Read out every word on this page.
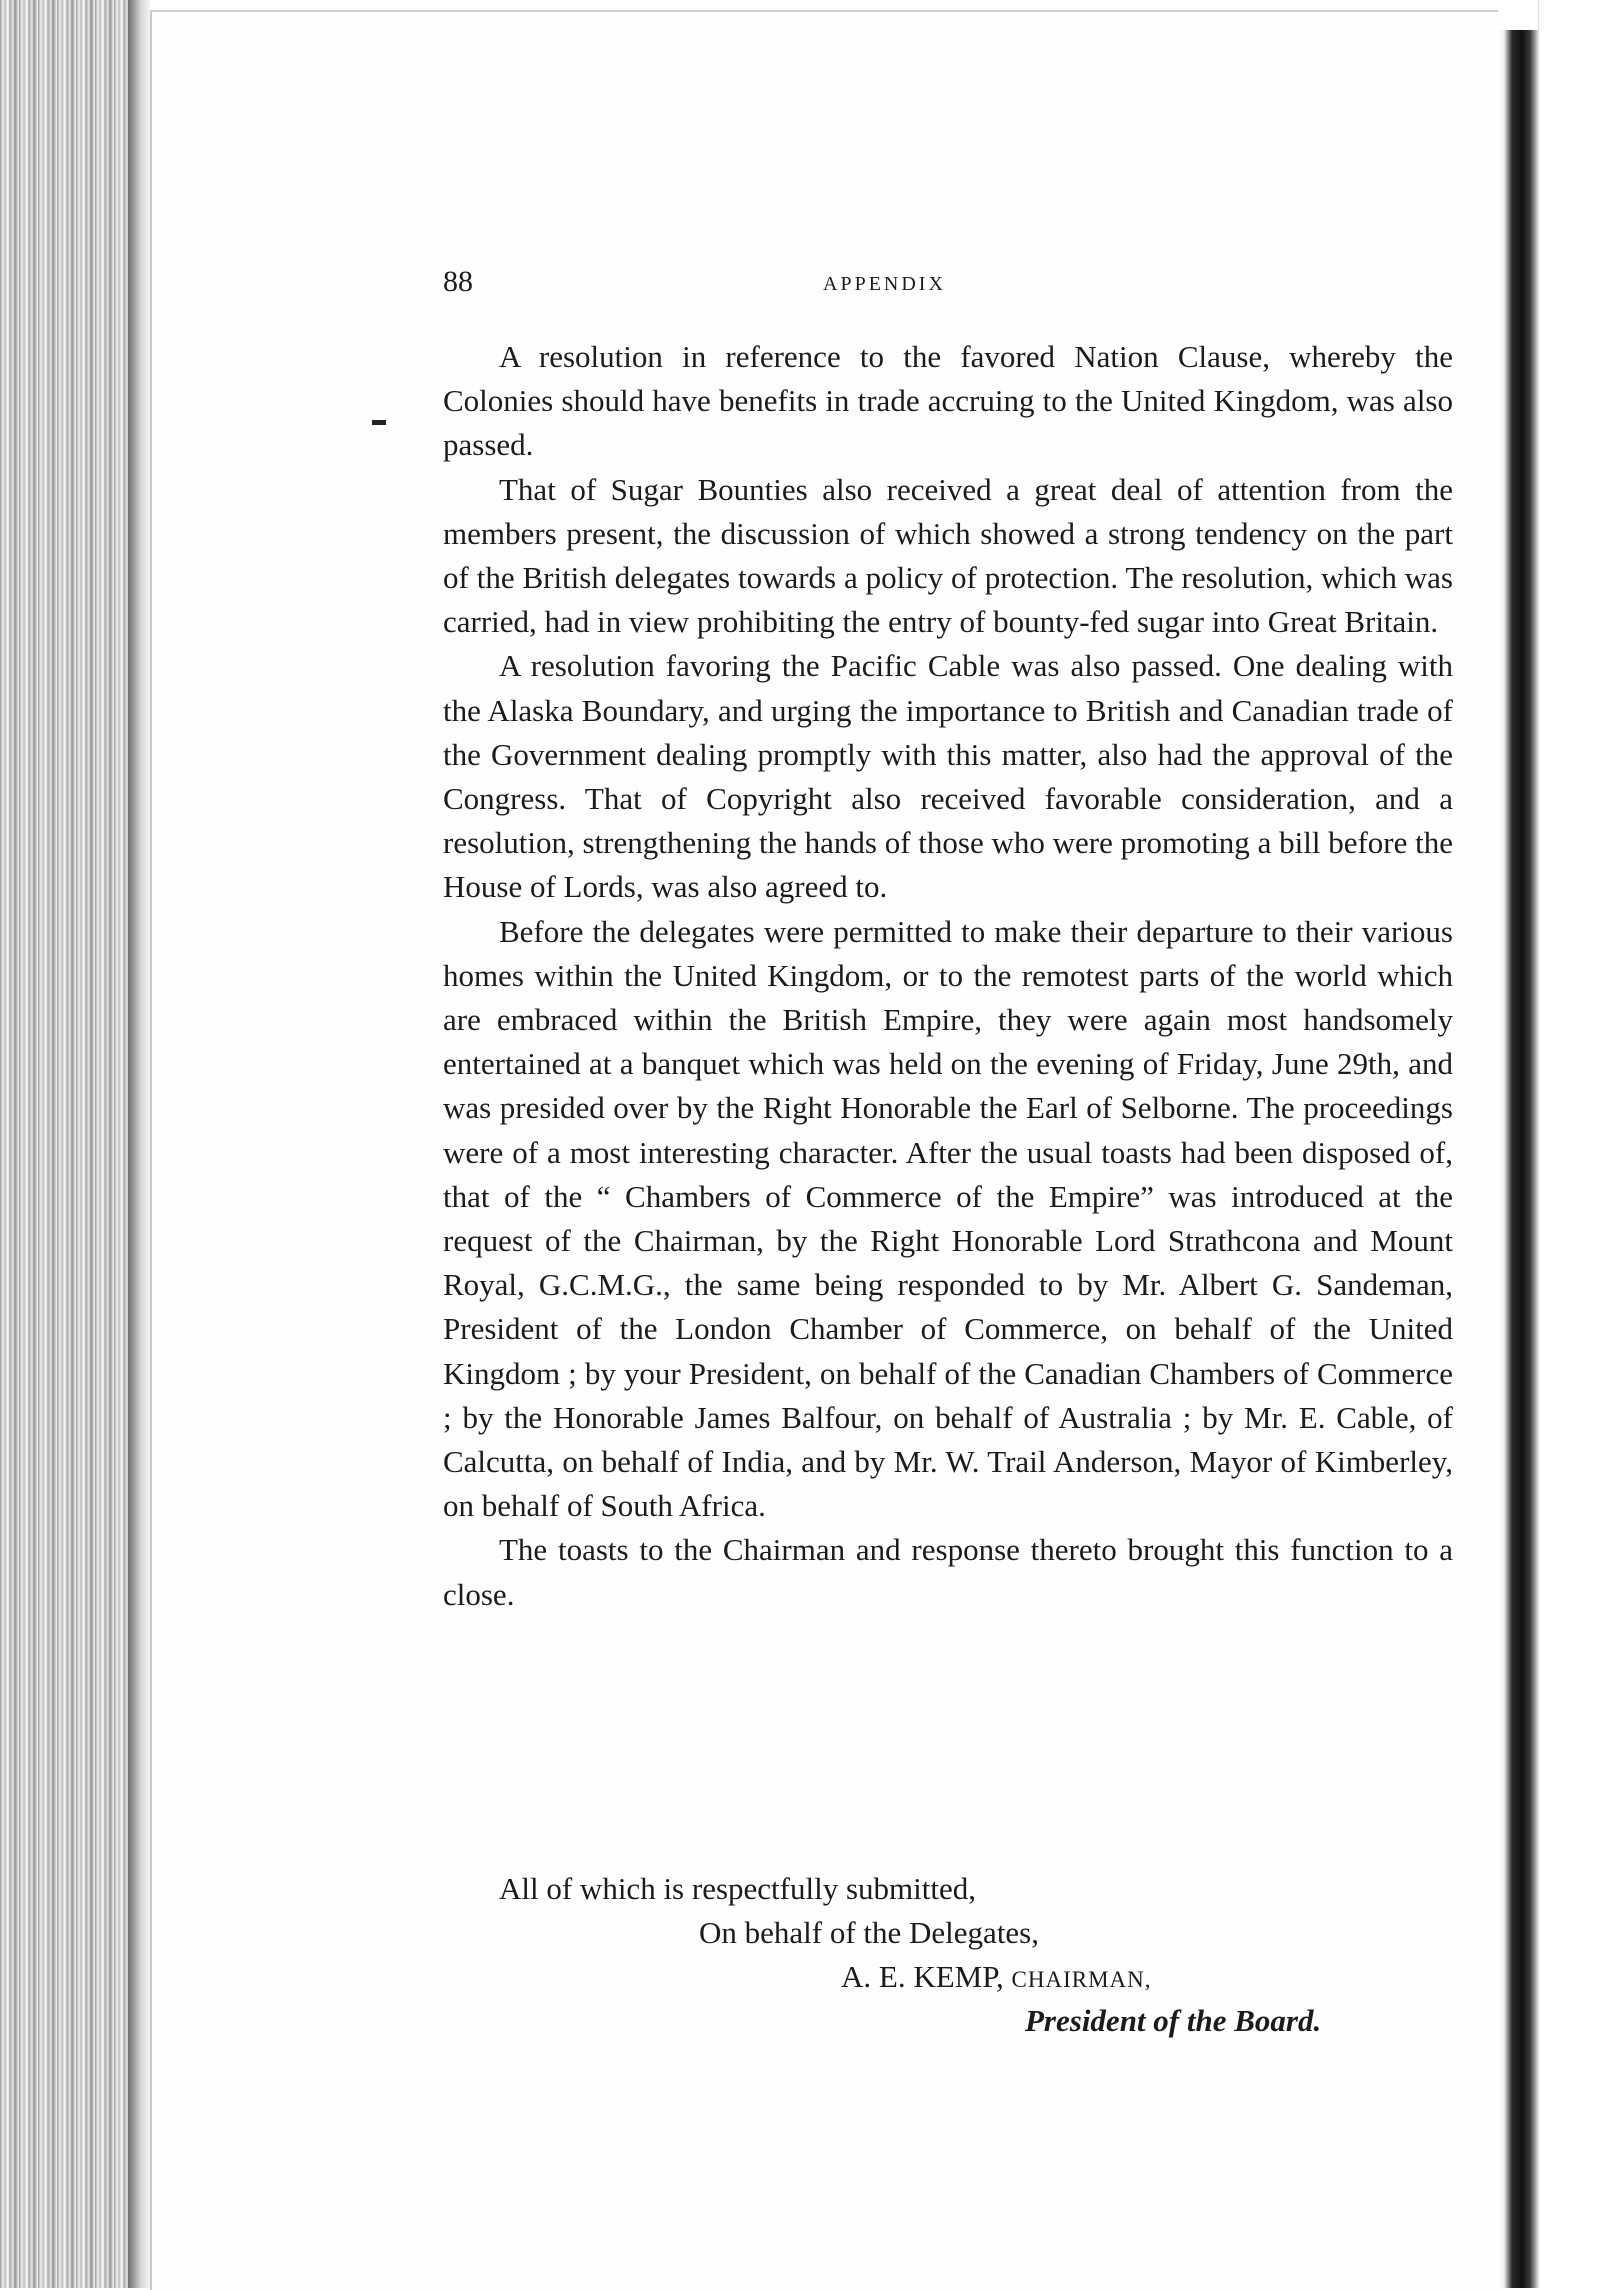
88	APPENDIX

A resolution in reference to the favored Nation Clause, whereby the Colonies should have benefits in trade accruing to the United Kingdom, was also passed.

That of Sugar Bounties also received a great deal of attention from the members present, the discussion of which showed a strong tendency on the part of the British delegates towards a policy of protection. The resolution, which was carried, had in view prohibiting the entry of bounty-fed sugar into Great Britain.

A resolution favoring the Pacific Cable was also passed. One dealing with the Alaska Boundary, and urging the importance to British and Canadian trade of the Government dealing promptly with this matter, also had the approval of the Congress. That of Copyright also received favorable consideration, and a resolution, strengthening the hands of those who were promoting a bill before the House of Lords, was also agreed to.

Before the delegates were permitted to make their departure to their various homes within the United Kingdom, or to the remotest parts of the world which are embraced within the British Empire, they were again most handsomely entertained at a banquet which was held on the evening of Friday, June 29th, and was presided over by the Right Honorable the Earl of Selborne. The proceedings were of a most interesting character. After the usual toasts had been disposed of, that of the “ Chambers of Commerce of the Empire” was introduced at the request of the Chairman, by the Right Honorable Lord Strathcona and Mount Royal, G.C.M.G., the same being responded to by Mr. Albert G. Sandeman, President of the London Chamber of Commerce, on behalf of the United Kingdom ; by your President, on behalf of the Canadian Chambers of Commerce ; by the Honorable James Balfour, on behalf of Australia ; by Mr. E. Cable, of Calcutta, on behalf of India, and by Mr. W. Trail Anderson, Mayor of Kimberley, on behalf of South Africa.

The toasts to the Chairman and response thereto brought this function to a close.

All of which is respectfully submitted,
On behalf of the Delegates,
A. E. KEMP, CHAIRMAN,
President of the Board.
